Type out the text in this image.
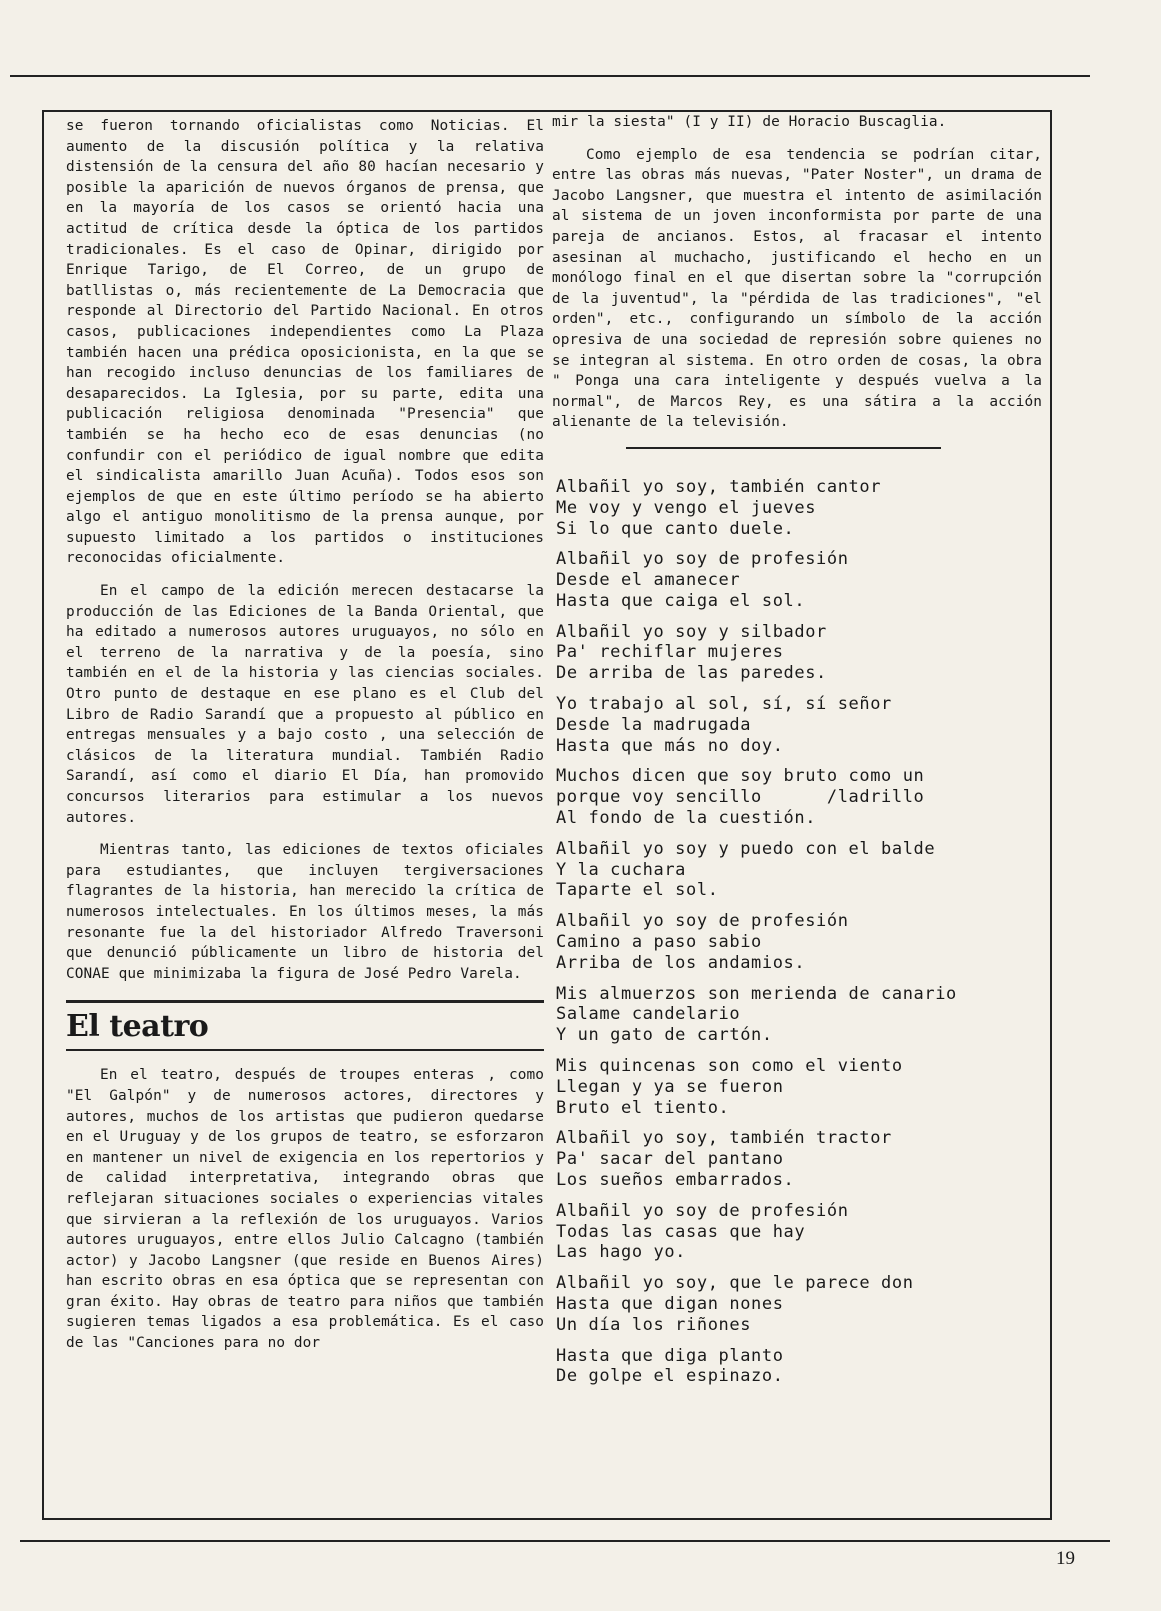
se fueron tornando oficialistas como Noticias. El aumento de la discusión política y la relativa distensión de la censura del año 80 hacían necesario y posible la aparición de nuevos órganos de prensa, que en la mayoría de los casos se orientó hacia una actitud de crítica desde la óptica de los partidos tradicionales. Es el caso de Opinar, dirigido por Enrique Tarigo, de El Correo, de un grupo de batllistas o, más recientemente de La Democracia que responde al Directorio del Partido Nacional. En otros casos, publicaciones independientes como La Plaza también hacen una prédica oposicionista, en la que se han recogido incluso denuncias de los familiares de desaparecidos. La Iglesia, por su parte, edita una publicación religiosa denominada "Presencia" que también se ha hecho eco de esas denuncias (no confundir con el periódico de igual nombre que edita el sindicalista amarillo Juan Acuña). Todos esos son ejemplos de que en este último período se ha abierto algo el antiguo monolitismo de la prensa aunque, por supuesto limitado a los partidos o instituciones reconocidas oficialmente.

En el campo de la edición merecen destacarse la producción de las Ediciones de la Banda Oriental, que ha editado a numerosos autores uruguayos, no sólo en el terreno de la narrativa y de la poesía, sino también en el de la historia y las ciencias sociales. Otro punto de destaque en ese plano es el Club del Libro de Radio Sarandí que a propuesto al público en entregas mensuales y a bajo costo , una selección de clásicos de la literatura mundial. También Radio Sarandí, así como el diario El Día, han promovido concursos literarios para estimular a los nuevos autores.

Mientras tanto, las ediciones de textos oficiales para estudiantes, que incluyen tergiversaciones flagrantes de la historia, han merecido la crítica de numerosos intelectuales. En los últimos meses, la más resonante fue la del historiador Alfredo Traversoni que denunció públicamente un libro de historia del CONAE que minimizaba la figura de José Pedro Varela.

El teatro

En el teatro, después de troupes enteras , como "El Galpón" y de numerosos actores, directores y autores, muchos de los artistas que pudieron quedarse en el Uruguay y de los grupos de teatro, se esforzaron en mantener un nivel de exigencia en los repertorios y de calidad interpretativa, integrando obras que reflejaran situaciones sociales o experiencias vitales que sirvieran a la reflexión de los uruguayos. Varios autores uruguayos, entre ellos Julio Calcagno (también actor) y Jacobo Langsner (que reside en Buenos Aires) han escrito obras en esa óptica que se representan con gran éxito. Hay obras de teatro para niños que también sugieren temas ligados a esa problemática. Es el caso de las "Canciones para no dor

mir la siesta" (I y II) de Horacio Buscaglia.

Como ejemplo de esa tendencia se podrían citar, entre las obras más nuevas, "Pater Noster", un drama de Jacobo Langsner, que muestra el intento de asimilación al sistema de un joven inconformista por parte de una pareja de ancianos. Estos, al fracasar el intento asesinan al muchacho, justificando el hecho en un monólogo final en el que disertan sobre la "corrupción de la juventud", la "pérdida de las tradiciones", "el orden", etc., configurando un símbolo de la acción opresiva de una sociedad de represión sobre quienes no se integran al sistema. En otro orden de cosas, la obra " Ponga una cara inteligente y después vuelva a la normal", de Marcos Rey, es una sátira a la acción alienante de la televisión.

Albañil yo soy, también cantor
Me voy y vengo el jueves
Si lo que canto duele.
Albañil yo soy de profesión
Desde el amanecer
Hasta que caiga el sol.
Albañil yo soy y silbador
Pa' rechiflar mujeres
De arriba de las paredes.
Yo trabajo al sol, sí, sí señor
Desde la madrugada
Hasta que más no doy.
Muchos dicen que soy bruto como un
porque voy sencillo      /ladrillo
Al fondo de la cuestión.
Albañil yo soy y puedo con el balde
Y la cuchara
Taparte el sol.
Albañil yo soy de profesión
Camino a paso sabio
Arriba de los andamios.
Mis almuerzos son merienda de canario
Salame candelario
Y un gato de cartón.
Mis quincenas son como el viento
Llegan y ya se fueron
Bruto el tiento.
Albañil yo soy, también tractor
Pa' sacar del pantano
Los sueños embarrados.
Albañil yo soy de profesión
Todas las casas que hay
Las hago yo.
Albañil yo soy, que le parece don
Hasta que digan nones
Un día los riñones
Hasta que diga planto
De golpe el espinazo.
19
